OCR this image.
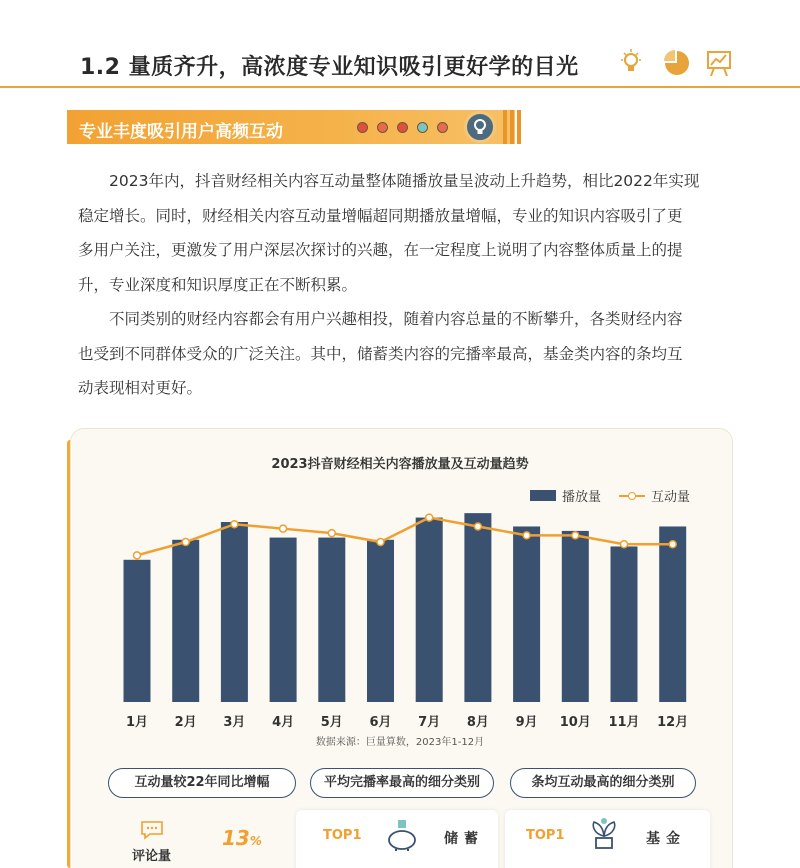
1.2 量质齐升，高浓度专业知识吸引更好学的目光
专业丰度吸引用户高频互动
2023年内，抖音财经相关内容互动量整体随播放量呈波动上升趋势，相比2022年实现
稳定增长。同时，财经相关内容互动量增幅超同期播放量增幅，专业的知识内容吸引了更
多用户关注，更激发了用户深层次探讨的兴趣，在一定程度上说明了内容整体质量上的提
升，专业深度和知识厚度正在不断积累。
不同类别的财经内容都会有用户兴趣相投，随着内容总量的不断攀升，各类财经内容
也受到不同群体受众的广泛关注。其中，储蓄类内容的完播率最高，基金类内容的条均互
动表现相对更好。
2023抖音财经相关内容播放量及互动量趋势
播放量	互动量
1月 2月 3月 4月 5月 6月 7月 8月 9月 10月 11月 12月
数据来源：巨量算数，2023年1-12月
互动量较22年同比增幅	平均完播率最高的细分类别	条均互动最高的细分类别
评论量
13%	TOP1	储蓄	TOP1	基金
